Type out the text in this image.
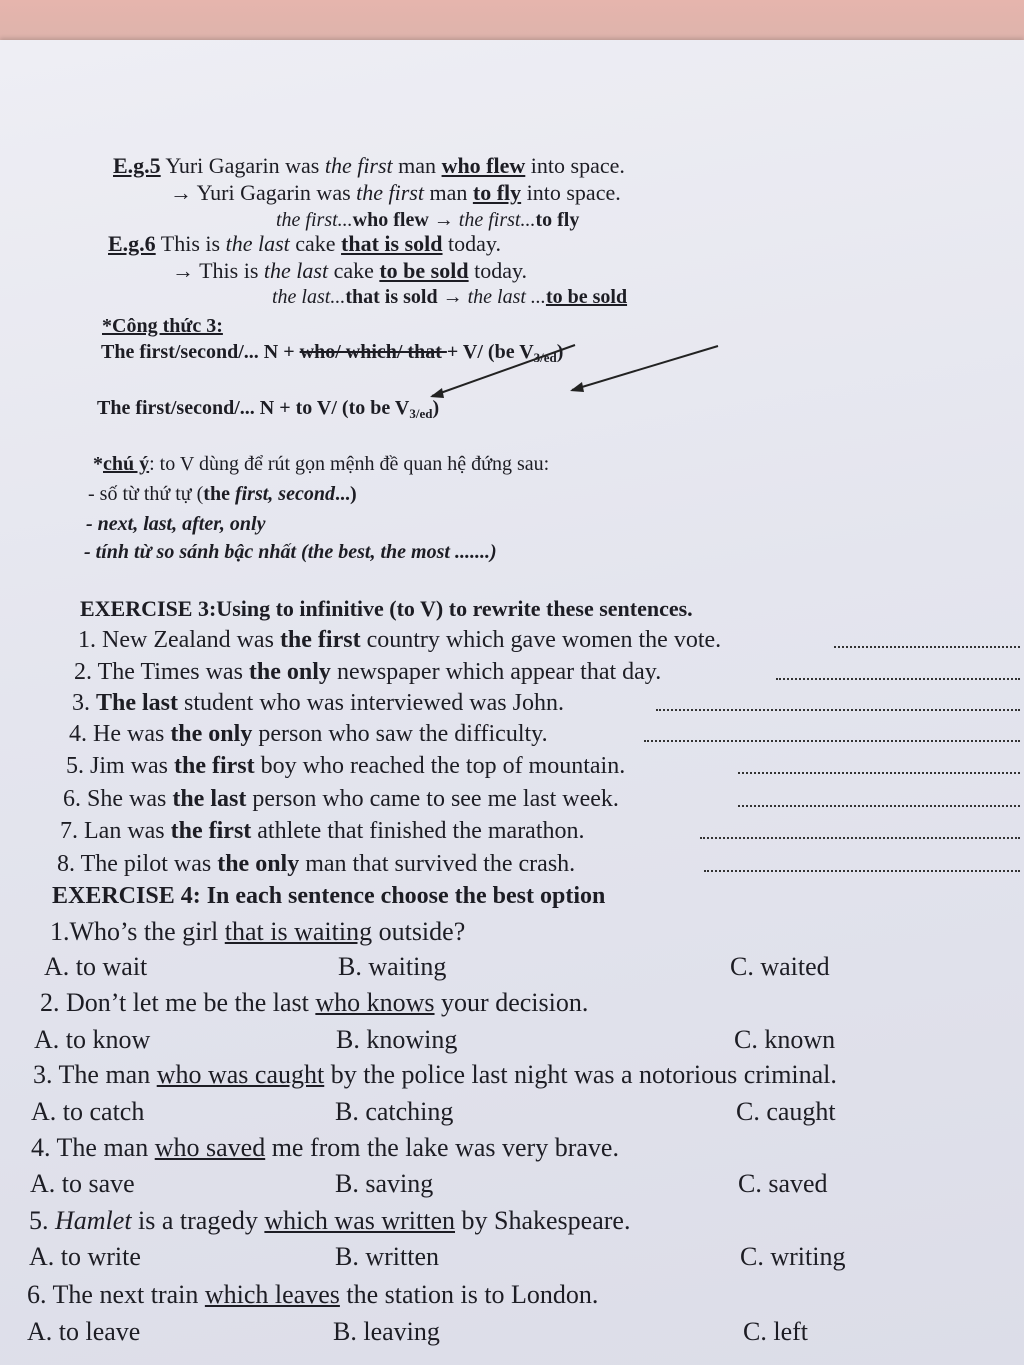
E.g.5 Yuri Gagarin was the first man who flew into space.
→ Yuri Gagarin was the first man to fly into space.
the first...who flew → the first...to fly
E.g.6 This is the last cake that is sold today.
→ This is the last cake to be sold today.
the last...that is sold → the last ...to be sold
*Công thức 3:
The first/second/... N + who/ which/ that + V/ (be $V_{3/ed}$)
The first/second/... N + to V/ (to be $V_{3/ed}$)
*chú ý: to V dùng để rút gọn mệnh đề quan hệ đứng sau:
- số từ thứ tự (the first, second...)
- next, last, after, only
- tính từ so sánh bậc nhất (the best, the most .......)
EXERCISE 3:Using to infinitive (to V) to rewrite these sentences.
1. New Zealand was the first country which gave women the vote.
2. The Times was the only newspaper which appear that day.
3. The last student who was interviewed was John.
4. He was the only person who saw the difficulty.
5. Jim was the first boy who reached the top of mountain.
6. She was the last person who came to see me last week.
7. Lan was the first athlete that finished the marathon.
8. The pilot was the only man that survived the crash.
EXERCISE 4: In each sentence choose the best option
1.Who’s the girl that is waiting outside?
A. to wait	B. waiting	C. waited
2. Don’t let me be the last who knows your decision.
A. to know	B. knowing	C. known
3. The man who was caught by the police last night was a notorious criminal.
A. to catch	B. catching	C. caught
4. The man who saved me from the lake was very brave.
A. to save	B. saving	C. saved
5. Hamlet is a tragedy which was written by Shakespeare.
A. to write	B. written	C. writing
6. The next train which leaves the station is to London.
A. to leave	B. leaving	C. left
